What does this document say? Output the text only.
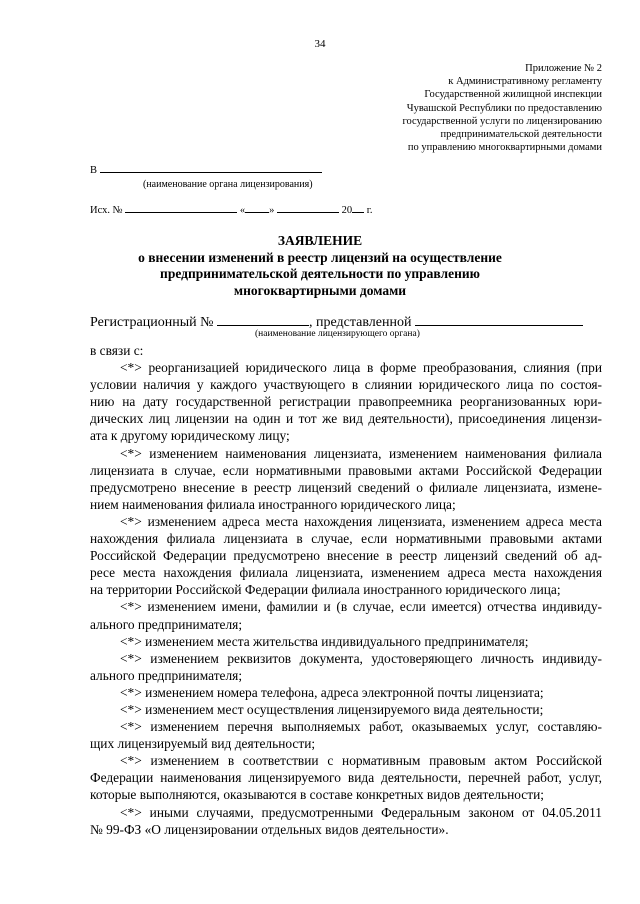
34
Приложение № 2
к Административному регламенту
Государственной жилищной инспекции
Чувашской Республики по предоставлению
государственной услуги по лицензированию
предпринимательской деятельности
по управлению многоквартирными домами
В
(наименование органа лицензирования)
Исх. №	« »	20 г.
ЗАЯВЛЕНИЕ
о внесении изменений в реестр лицензий на осуществление
предпринимательской деятельности по управлению
многоквартирными домами
Регистрационный №	, представленной
(наименование лицензирующего органа)
в связи с:
<*> реорганизацией юридического лица в форме преобразования, слияния (при
условии наличия у каждого участвующего в слиянии юридического лица по состоя-
нию на дату государственной регистрации правопреемника реорганизованных юри-
дических лиц лицензии на один и тот же вид деятельности), присоединения лицензи-
ата к другому юридическому лицу;
<*> изменением наименования лицензиата, изменением наименования филиала
лицензиата в случае, если нормативными правовыми актами Российской Федерации
предусмотрено внесение в реестр лицензий сведений о филиале лицензиата, измене-
нием наименования филиала иностранного юридического лица;
<*> изменением адреса места нахождения лицензиата, изменением адреса места
нахождения филиала лицензиата в случае, если нормативными правовыми актами
Российской Федерации предусмотрено внесение в реестр лицензий сведений об ад-
ресе места нахождения филиала лицензиата, изменением адреса места нахождения
на территории Российской Федерации филиала иностранного юридического лица;
<*> изменением имени, фамилии и (в случае, если имеется) отчества индивиду-
ального предпринимателя;
<*> изменением места жительства индивидуального предпринимателя;
<*> изменением реквизитов документа, удостоверяющего личность индивиду-
ального предпринимателя;
<*> изменением номера телефона, адреса электронной почты лицензиата;
<*> изменением мест осуществления лицензируемого вида деятельности;
<*> изменением перечня выполняемых работ, оказываемых услуг, составляю-
щих лицензируемый вид деятельности;
<*> изменением в соответствии с нормативным правовым актом Российской
Федерации наименования лицензируемого вида деятельности, перечней работ, услуг,
которые выполняются, оказываются в составе конкретных видов деятельности;
<*> иными случаями, предусмотренными Федеральным законом от 04.05.2011
№ 99-ФЗ «О лицензировании отдельных видов деятельности».
